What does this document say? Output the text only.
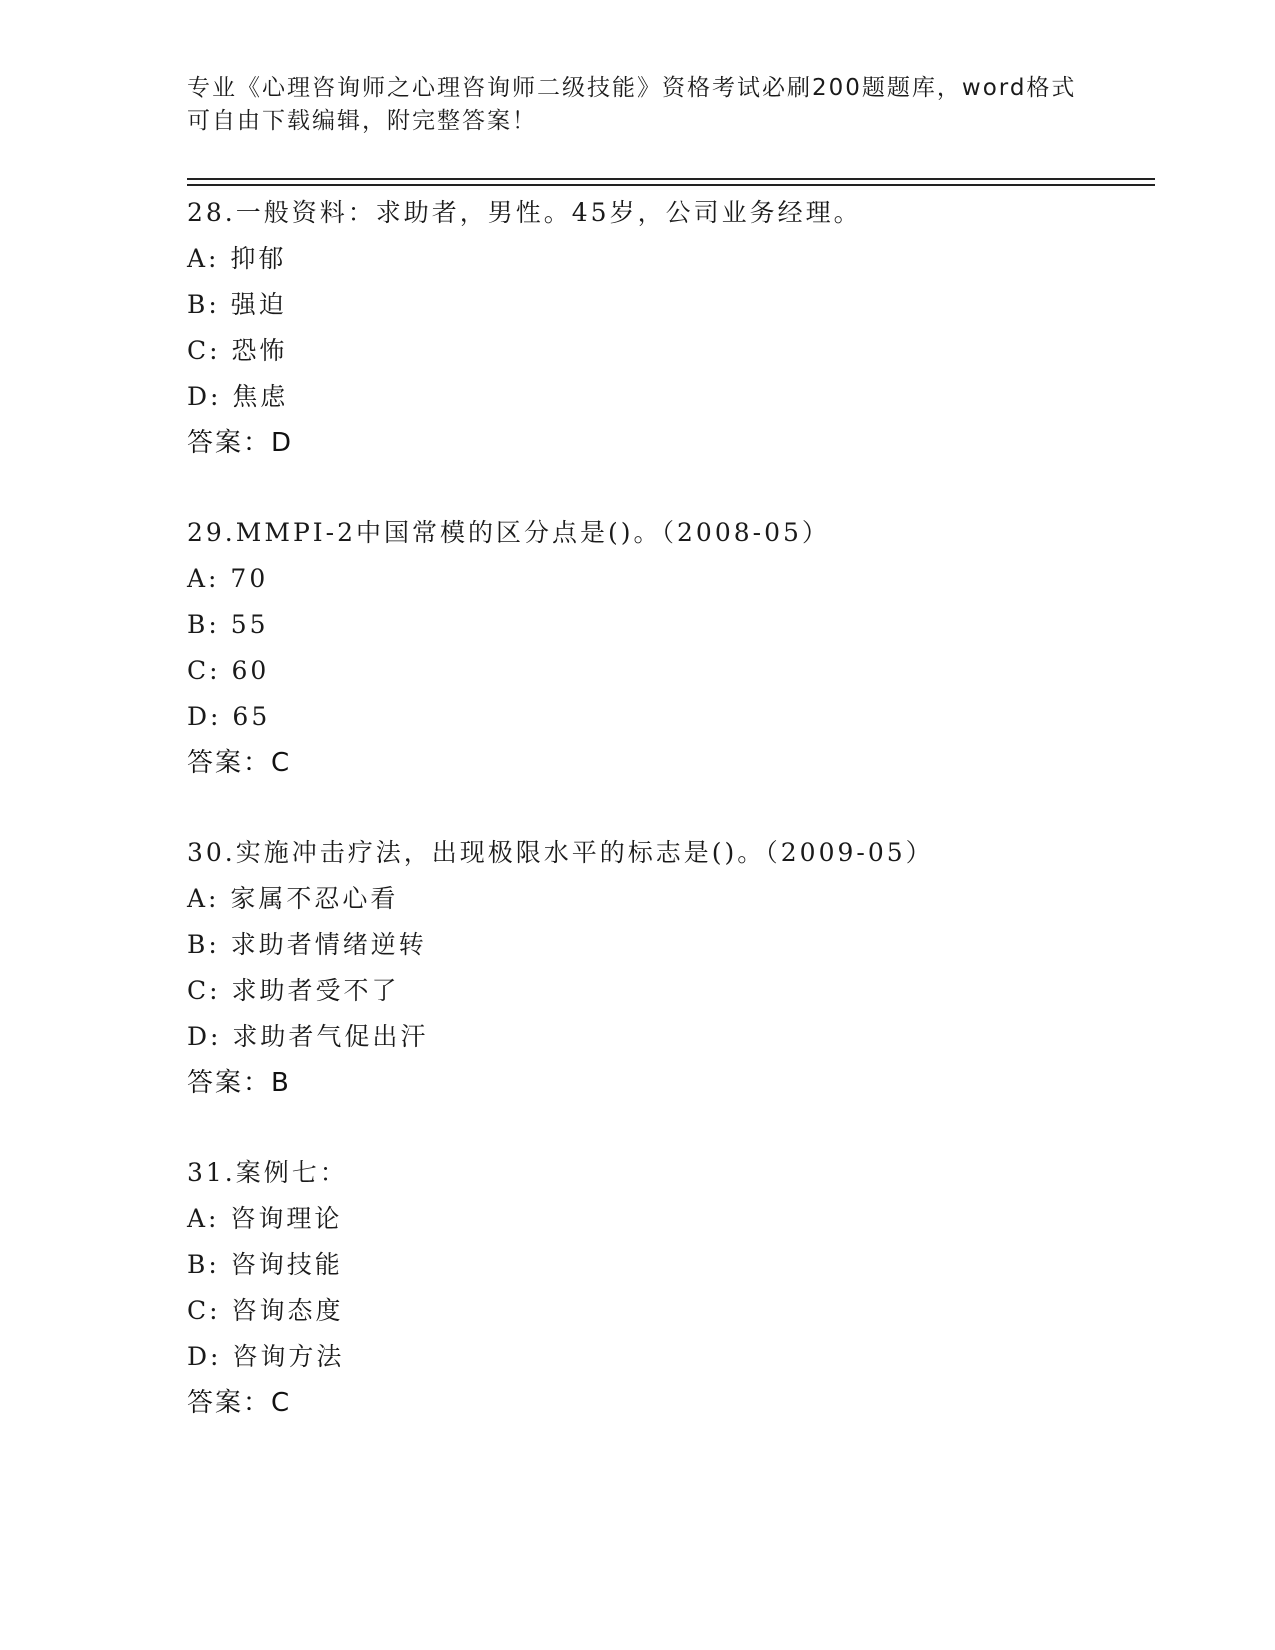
专业《心理咨询师之心理咨询师二级技能》资格考试必刷200题题库，word格式
可自由下载编辑，附完整答案！
28.一般资料：求助者，男性。45岁，公司业务经理。
A: 抑郁
B: 强迫
C: 恐怖
D: 焦虑
答案：D
29.MMPI-2中国常模的区分点是()。（2008-05）
A: 70
B: 55
C: 60
D: 65
答案：C
30.实施冲击疗法，出现极限水平的标志是()。（2009-05）
A: 家属不忍心看
B: 求助者情绪逆转
C: 求助者受不了
D: 求助者气促出汗
答案：B
31.案例七：
A: 咨询理论
B: 咨询技能
C: 咨询态度
D: 咨询方法
答案：C
